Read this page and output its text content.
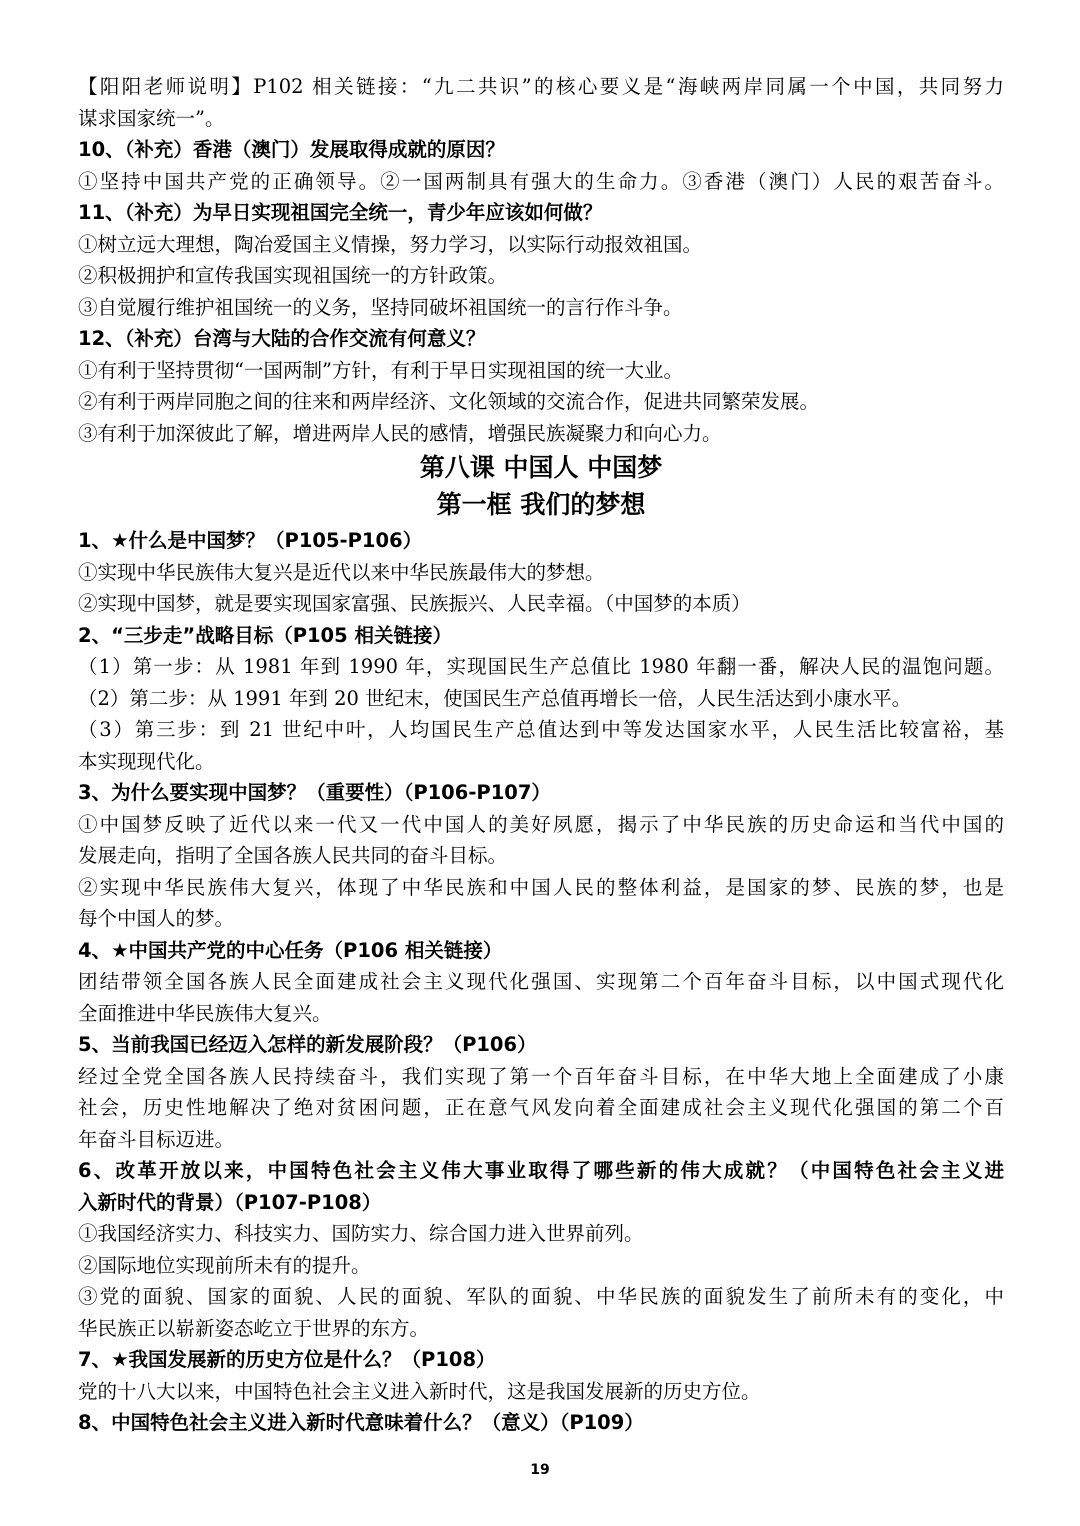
【阳阳老师说明】P102 相关链接：“九二共识”的核心要义是“海峡两岸同属一个中国，共同努力
谋求国家统一”。
10、（补充）香港（澳门）发展取得成就的原因？
①坚持中国共产党的正确领导。②一国两制具有强大的生命力。③香港（澳门）人民的艰苦奋斗。
11、（补充）为早日实现祖国完全统一，青少年应该如何做？
①树立远大理想，陶冶爱国主义情操，努力学习，以实际行动报效祖国。
②积极拥护和宣传我国实现祖国统一的方针政策。
③自觉履行维护祖国统一的义务，坚持同破坏祖国统一的言行作斗争。
12、（补充）台湾与大陆的合作交流有何意义？
①有利于坚持贯彻“一国两制”方针，有利于早日实现祖国的统一大业。
②有利于两岸同胞之间的往来和两岸经济、文化领域的交流合作，促进共同繁荣发展。
③有利于加深彼此了解，增进两岸人民的感情，增强民族凝聚力和向心力。
第八课 中国人 中国梦
第一框 我们的梦想
1、★什么是中国梦？（P105-P106）
①实现中华民族伟大复兴是近代以来中华民族最伟大的梦想。
②实现中国梦，就是要实现国家富强、民族振兴、人民幸福。（中国梦的本质）
2、“三步走”战略目标（P105 相关链接）
（1）第一步：从 1981 年到 1990 年，实现国民生产总值比 1980 年翻一番，解决人民的温饱问题。
（2）第二步：从 1991 年到 20 世纪末，使国民生产总值再增长一倍，人民生活达到小康水平。
（3）第三步：到 21 世纪中叶，人均国民生产总值达到中等发达国家水平，人民生活比较富裕，基
本实现现代化。
3、为什么要实现中国梦？（重要性）（P106-P107）
①中国梦反映了近代以来一代又一代中国人的美好夙愿，揭示了中华民族的历史命运和当代中国的
发展走向，指明了全国各族人民共同的奋斗目标。
②实现中华民族伟大复兴，体现了中华民族和中国人民的整体利益，是国家的梦、民族的梦，也是
每个中国人的梦。
4、★中国共产党的中心任务（P106 相关链接）
团结带领全国各族人民全面建成社会主义现代化强国、实现第二个百年奋斗目标，以中国式现代化
全面推进中华民族伟大复兴。
5、当前我国已经迈入怎样的新发展阶段？（P106）
经过全党全国各族人民持续奋斗，我们实现了第一个百年奋斗目标，在中华大地上全面建成了小康
社会，历史性地解决了绝对贫困问题，正在意气风发向着全面建成社会主义现代化强国的第二个百
年奋斗目标迈进。
6、改革开放以来，中国特色社会主义伟大事业取得了哪些新的伟大成就？（中国特色社会主义进
入新时代的背景）（P107-P108）
①我国经济实力、科技实力、国防实力、综合国力进入世界前列。
②国际地位实现前所未有的提升。
③党的面貌、国家的面貌、人民的面貌、军队的面貌、中华民族的面貌发生了前所未有的变化，中
华民族正以崭新姿态屹立于世界的东方。
7、★我国发展新的历史方位是什么？（P108）
党的十八大以来，中国特色社会主义进入新时代，这是我国发展新的历史方位。
8、中国特色社会主义进入新时代意味着什么？（意义）（P109）
19
